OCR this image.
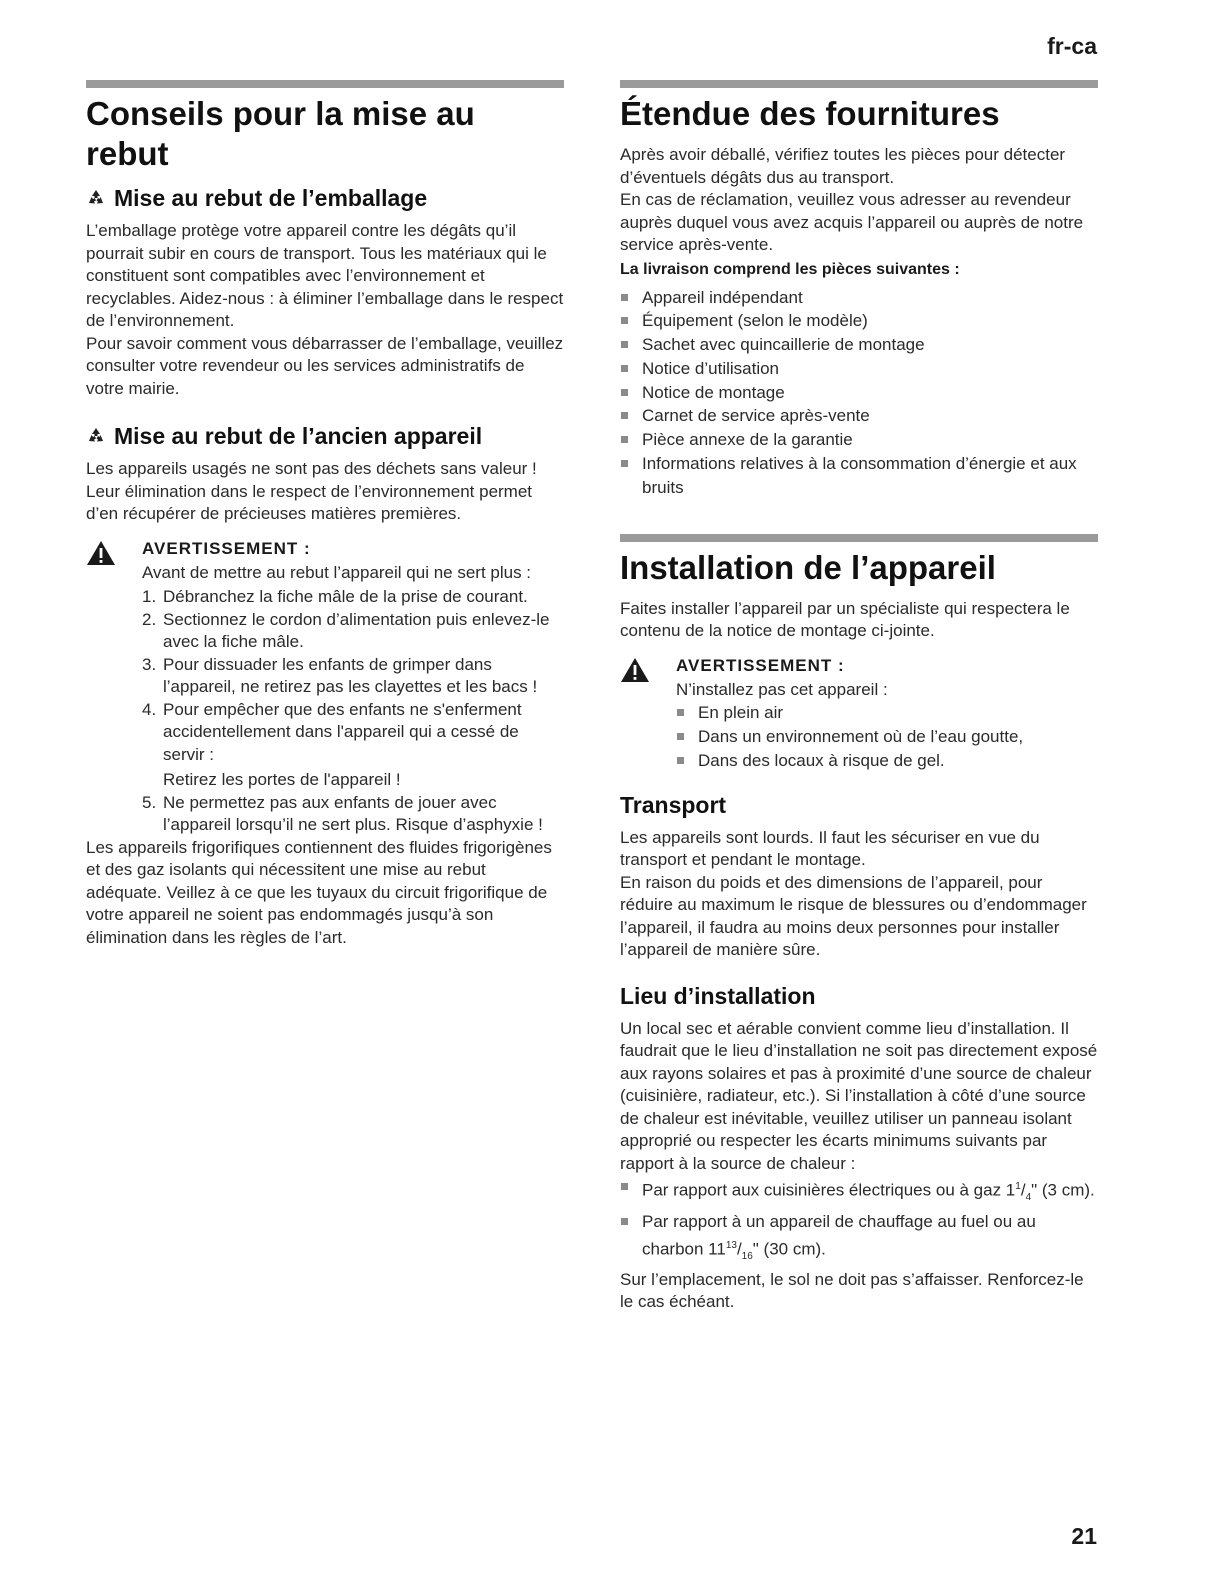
fr-ca
Conseils pour la mise au rebut
Mise au rebut de l’emballage

L’emballage protège votre appareil contre les dégâts qu’il pourrait subir en cours de transport. Tous les matériaux qui le constituent sont compatibles avec l’environnement et recyclables. Aidez-nous : à éliminer l’emballage dans le respect de l’environnement.

Pour savoir comment vous débarrasser de l’emballage, veuillez consulter votre revendeur ou les services administratifs de votre mairie.

Mise au rebut de l’ancien appareil

Les appareils usagés ne sont pas des déchets sans valeur ! Leur élimination dans le respect de l’environnement permet d’en récupérer de précieuses matières premières.

AVERTISSEMENT :

Avant de mettre au rebut l’appareil qui ne sert plus :

1. Débranchez la fiche mâle de la prise de courant.
2. Sectionnez le cordon d’alimentation puis enlevez-le avec la fiche mâle.
3. Pour dissuader les enfants de grimper dans l’appareil, ne retirez pas les clayettes et les bacs !
4. Pour empêcher que des enfants ne s'enferment accidentellement dans l'appareil qui a cessé de servir :

Retirez les portes de l'appareil !

5. Ne permettez pas aux enfants de jouer avec l’appareil lorsqu’il ne sert plus. Risque d’asphyxie !

Les appareils frigorifiques contiennent des fluides frigorigènes et des gaz isolants qui nécessitent une mise au rebut adéquate. Veillez à ce que les tuyaux du circuit frigorifique de votre appareil ne soient pas endommagés jusqu’à son élimination dans les règles de l’art.

Étendue des fournitures

Après avoir déballé, vérifiez toutes les pièces pour détecter d’éventuels dégâts dus au transport.

En cas de réclamation, veuillez vous adresser au revendeur auprès duquel vous avez acquis l’appareil ou auprès de notre service après-vente.

La livraison comprend les pièces suivantes :
Appareil indépendant
Équipement (selon le modèle)
Sachet avec quincaillerie de montage
Notice d’utilisation
Notice de montage
Carnet de service après-vente
Pièce annexe de la garantie
Informations relatives à la consommation d’énergie et aux bruits
Installation de l’appareil

Faites installer l’appareil par un spécialiste qui respectera le contenu de la notice de montage ci-jointe.

AVERTISSEMENT :

N’installez pas cet appareil :

En plein air
Dans un environnement où de l’eau goutte,
Dans des locaux à risque de gel.
Transport

Les appareils sont lourds. Il faut les sécuriser en vue du transport et pendant le montage.

En raison du poids et des dimensions de l’appareil, pour réduire au maximum le risque de blessures ou d’endommager l’appareil, il faudra au moins deux personnes pour installer l’appareil de manière sûre.

Lieu d’installation

Un local sec et aérable convient comme lieu d’installation. Il faudrait que le lieu d’installation ne soit pas directement exposé aux rayons solaires et pas à proximité d’une source de chaleur (cuisinière, radiateur, etc.). Si l’installation à côté d’une source de chaleur est inévitable, veuillez utiliser un panneau isolant approprié ou respecter les écarts minimums suivants par rapport à la source de chaleur :

Par rapport aux cuisinières électriques ou à gaz $1^1/_4$" (3 cm).
Par rapport à un appareil de chauffage au fuel ou au charbon $11^{13}/_{16}$" (30 cm).

Sur l’emplacement, le sol ne doit pas s’affaisser. Renforcez-le le cas échéant.

21
